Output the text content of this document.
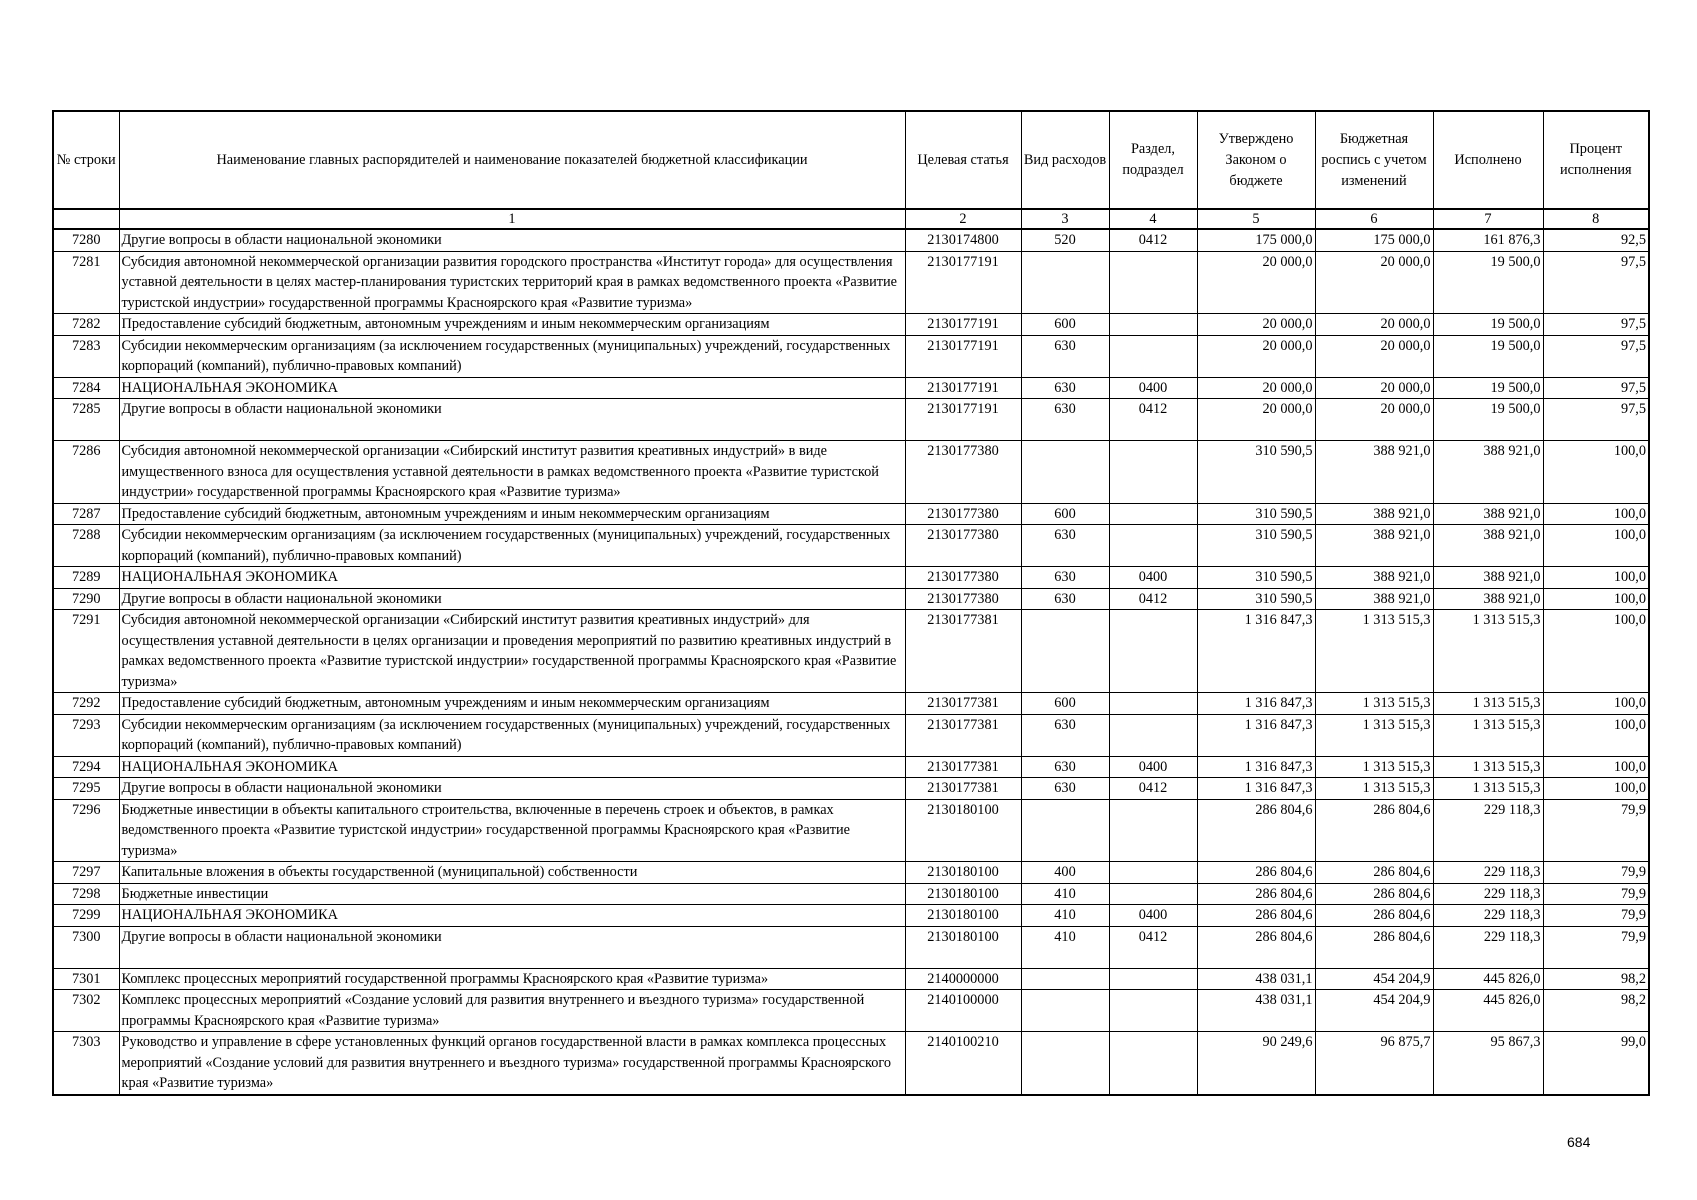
№ строки	Наименование главных распорядителей и наименование показателей бюджетной классификации	Целевая статья	Вид расходов	Раздел, подраздел	Утверждено Законом о бюджете	Бюджетная роспись с учетом изменений	Исполнено	Процент исполнения
	1	2	3	4	5	6	7	8
7280	Другие вопросы в области национальной экономики	2130174800	520	0412	175 000,0	175 000,0	161 876,3	92,5
7281	Субсидия автономной некоммерческой организации развития городского пространства «Институт города» для осуществления уставной деятельности в целях мастер-планирования туристских территорий края в рамках ведомственного проекта «Развитие туристской индустрии» государственной программы Красноярского края «Развитие туризма»	2130177191			20 000,0	20 000,0	19 500,0	97,5
7282	Предоставление субсидий бюджетным, автономным учреждениям и иным некоммерческим организациям	2130177191	600		20 000,0	20 000,0	19 500,0	97,5
7283	Субсидии некоммерческим организациям (за исключением государственных (муниципальных) учреждений, государственных корпораций (компаний), публично-правовых компаний)	2130177191	630		20 000,0	20 000,0	19 500,0	97,5
7284	НАЦИОНАЛЬНАЯ ЭКОНОМИКА	2130177191	630	0400	20 000,0	20 000,0	19 500,0	97,5
7285	Другие вопросы в области национальной экономики	2130177191	630	0412	20 000,0	20 000,0	19 500,0	97,5
7286	Субсидия автономной некоммерческой организации «Сибирский институт развития креативных индустрий» в виде имущественного взноса для осуществления уставной деятельности в рамках ведомственного проекта «Развитие туристской индустрии» государственной программы Красноярского края «Развитие туризма»	2130177380			310 590,5	388 921,0	388 921,0	100,0
7287	Предоставление субсидий бюджетным, автономным учреждениям и иным некоммерческим организациям	2130177380	600		310 590,5	388 921,0	388 921,0	100,0
7288	Субсидии некоммерческим организациям (за исключением государственных (муниципальных) учреждений, государственных корпораций (компаний), публично-правовых компаний)	2130177380	630		310 590,5	388 921,0	388 921,0	100,0
7289	НАЦИОНАЛЬНАЯ ЭКОНОМИКА	2130177380	630	0400	310 590,5	388 921,0	388 921,0	100,0
7290	Другие вопросы в области национальной экономики	2130177380	630	0412	310 590,5	388 921,0	388 921,0	100,0
7291	Субсидия автономной некоммерческой организации «Сибирский институт развития креативных индустрий» для осуществления уставной деятельности в целях организации и проведения мероприятий по развитию креативных индустрий в рамках ведомственного проекта «Развитие туристской индустрии» государственной программы Красноярского края «Развитие туризма»	2130177381			1 316 847,3	1 313 515,3	1 313 515,3	100,0
7292	Предоставление субсидий бюджетным, автономным учреждениям и иным некоммерческим организациям	2130177381	600		1 316 847,3	1 313 515,3	1 313 515,3	100,0
7293	Субсидии некоммерческим организациям (за исключением государственных (муниципальных) учреждений, государственных корпораций (компаний), публично-правовых компаний)	2130177381	630		1 316 847,3	1 313 515,3	1 313 515,3	100,0
7294	НАЦИОНАЛЬНАЯ ЭКОНОМИКА	2130177381	630	0400	1 316 847,3	1 313 515,3	1 313 515,3	100,0
7295	Другие вопросы в области национальной экономики	2130177381	630	0412	1 316 847,3	1 313 515,3	1 313 515,3	100,0
7296	Бюджетные инвестиции в объекты капитального строительства, включенные в перечень строек и объектов, в рамках ведомственного проекта «Развитие туристской индустрии» государственной программы Красноярского края «Развитие туризма»	2130180100			286 804,6	286 804,6	229 118,3	79,9
7297	Капитальные вложения в объекты государственной (муниципальной) собственности	2130180100	400		286 804,6	286 804,6	229 118,3	79,9
7298	Бюджетные инвестиции	2130180100	410		286 804,6	286 804,6	229 118,3	79,9
7299	НАЦИОНАЛЬНАЯ ЭКОНОМИКА	2130180100	410	0400	286 804,6	286 804,6	229 118,3	79,9
7300	Другие вопросы в области национальной экономики	2130180100	410	0412	286 804,6	286 804,6	229 118,3	79,9
7301	Комплекс процессных мероприятий государственной программы Красноярского края «Развитие туризма»	2140000000			438 031,1	454 204,9	445 826,0	98,2
7302	Комплекс процессных мероприятий «Создание условий для развития внутреннего и въездного туризма» государственной программы Красноярского края «Развитие туризма»	2140100000			438 031,1	454 204,9	445 826,0	98,2
7303	Руководство и управление в сфере установленных функций органов государственной власти в рамках комплекса процессных мероприятий «Создание условий для развития внутреннего и въездного туризма» государственной программы Красноярского края «Развитие туризма»	2140100210			90 249,6	96 875,7	95 867,3	99,0
684
